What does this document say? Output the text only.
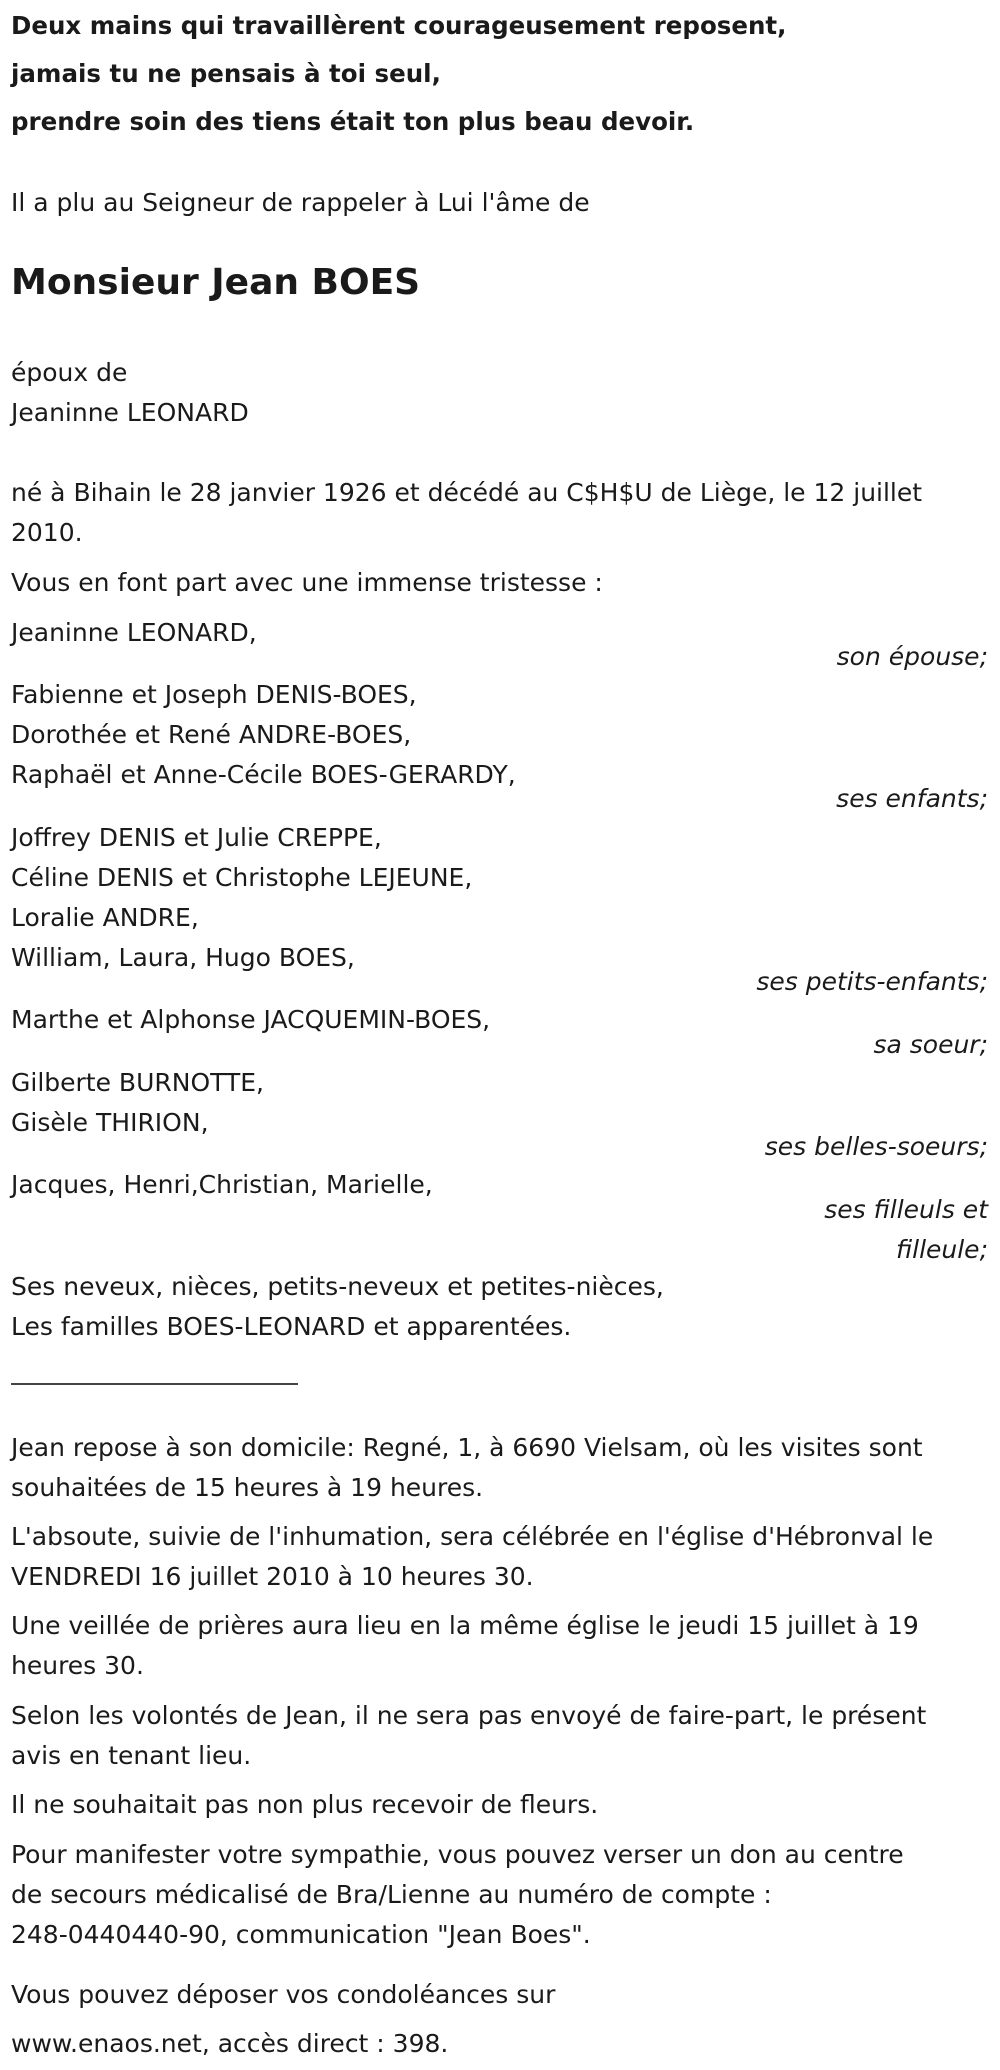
Deux mains qui travaillèrent courageusement reposent,

jamais tu ne pensais à toi seul,

prendre soin des tiens était ton plus beau devoir.

Il a plu au Seigneur de rappeler à Lui l'âme de

Monsieur Jean BOES

époux de

Jeaninne LEONARD

né à Bihain le 28 janvier 1926 et décédé au C$H$U de Liège, le 12 juillet

2010.

Vous en font part avec une immense tristesse :

Jeaninne LEONARD,

son épouse;

Fabienne et Joseph DENIS-BOES,

Dorothée et René ANDRE-BOES,

Raphaël et Anne-Cécile BOES-GERARDY,

ses enfants;

Joffrey DENIS et Julie CREPPE,

Céline DENIS et Christophe LEJEUNE,

Loralie ANDRE,

William, Laura, Hugo BOES,

ses petits-enfants;

Marthe et Alphonse JACQUEMIN-BOES,

sa soeur;

Gilberte BURNOTTE,

Gisèle THIRION,

ses belles-soeurs;

Jacques, Henri,Christian, Marielle,

ses filleuls et
filleule;

Ses neveux, nièces, petits-neveux et petites-nièces,

Les familles BOES-LEONARD et apparentées.

Jean repose à son domicile: Regné, 1, à 6690 Vielsam, où les visites sont

souhaitées de 15 heures à 19 heures.

L'absoute, suivie de l'inhumation, sera célébrée en l'église d'Hébronval le

VENDREDI 16 juillet 2010 à 10 heures 30.

Une veillée de prières aura lieu en la même église le jeudi 15 juillet à 19

heures 30.

Selon les volontés de Jean, il ne sera pas envoyé de faire-part, le présent

avis en tenant lieu.

Il ne souhaitait pas non plus recevoir de fleurs.

Pour manifester votre sympathie, vous pouvez verser un don au centre

de secours médicalisé de Bra/Lienne au numéro de compte :

248-0440440-90, communication "Jean Boes".

Vous pouvez déposer vos condoléances sur

www.enaos.net, accès direct : 398.
